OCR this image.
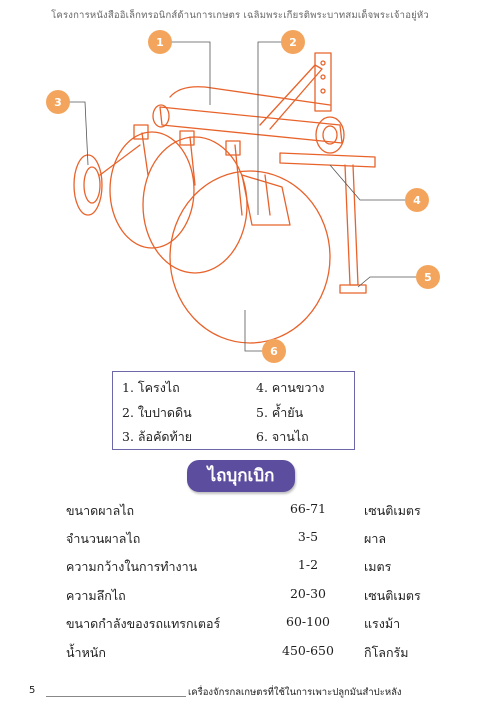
โครงการหนังสืออิเล็กทรอนิกส์ด้านการเกษตร เฉลิมพระเกียรติพระบาทสมเด็จพระเจ้าอยู่หัว
1	2
3
4
5
6
1. โครงไถ	4. คานขวาง
2. ใบปาดดิน	5. ค้ำยัน
3. ล้อคัดท้าย	6. จานไถ
ไถบุกเบิก
ขนาดผาลไถ	66-71	เซนติเมตร
จำนวนผาลไถ	3-5	ผาล
ความกว้างในการทำงาน	1-2	เมตร
ความลึกไถ	20-30	เซนติเมตร
ขนาดกำลังของรถแทรกเตอร์	60-100	แรงม้า
น้ำหนัก	450-650	กิโลกรัม
5	เครื่องจักรกลเกษตรที่ใช้ในการเพาะปลูกมันสำปะหลัง
